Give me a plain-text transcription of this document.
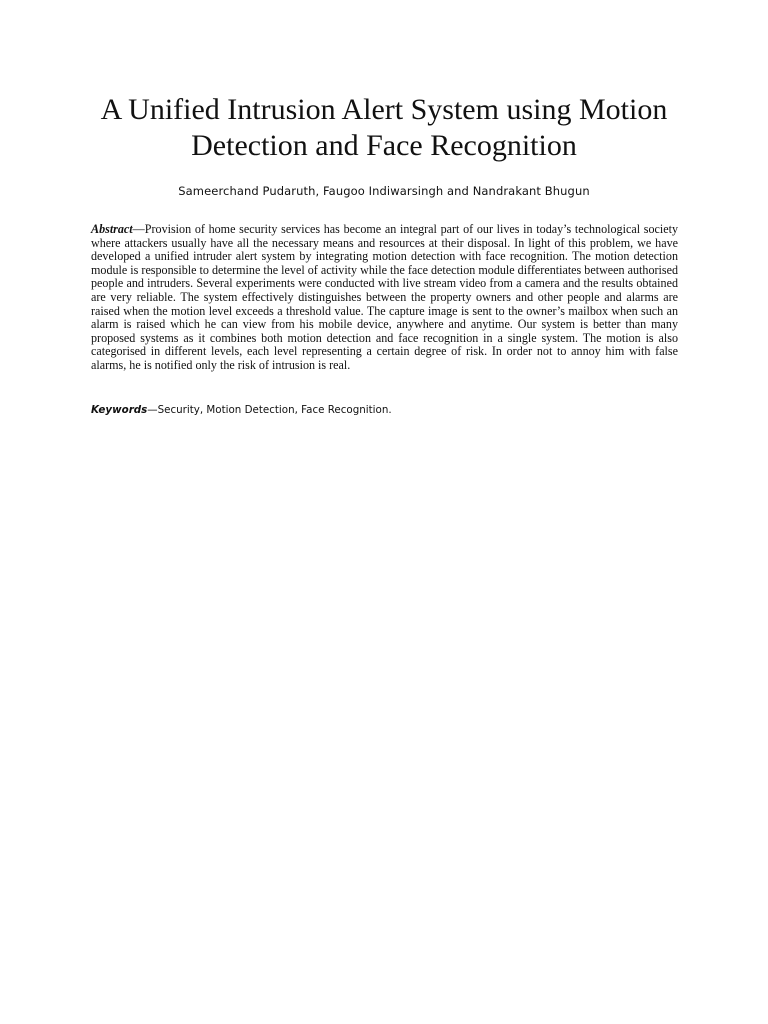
A Unified Intrusion Alert System using Motion
Detection and Face Recognition
Sameerchand Pudaruth, Faugoo Indiwarsingh and Nandrakant Bhugun

Abstract—Provision of home security services has become an integral part of our lives in today’s technological society where attackers usually have all the necessary means and resources at their disposal. In light of this problem, we have developed a unified intruder alert system by integrating motion detection with face recognition. The motion detection module is responsible to determine the level of activity while the face detection module differentiates between authorised people and intruders. Several experiments were conducted with live stream video from a camera and the results obtained are very reliable. The system effectively distinguishes between the property owners and other people and alarms are raised when the motion level exceeds a threshold value. The capture image is sent to the owner’s mailbox when such an alarm is raised which he can view from his mobile device, anywhere and anytime. Our system is better than many proposed systems as it combines both motion detection and face recognition in a single system. The motion is also categorised in different levels, each level representing a certain degree of risk. In order not to annoy him with false alarms, he is notified only the risk of intrusion is real.

Keywords—Security, Motion Detection, Face Recognition.
